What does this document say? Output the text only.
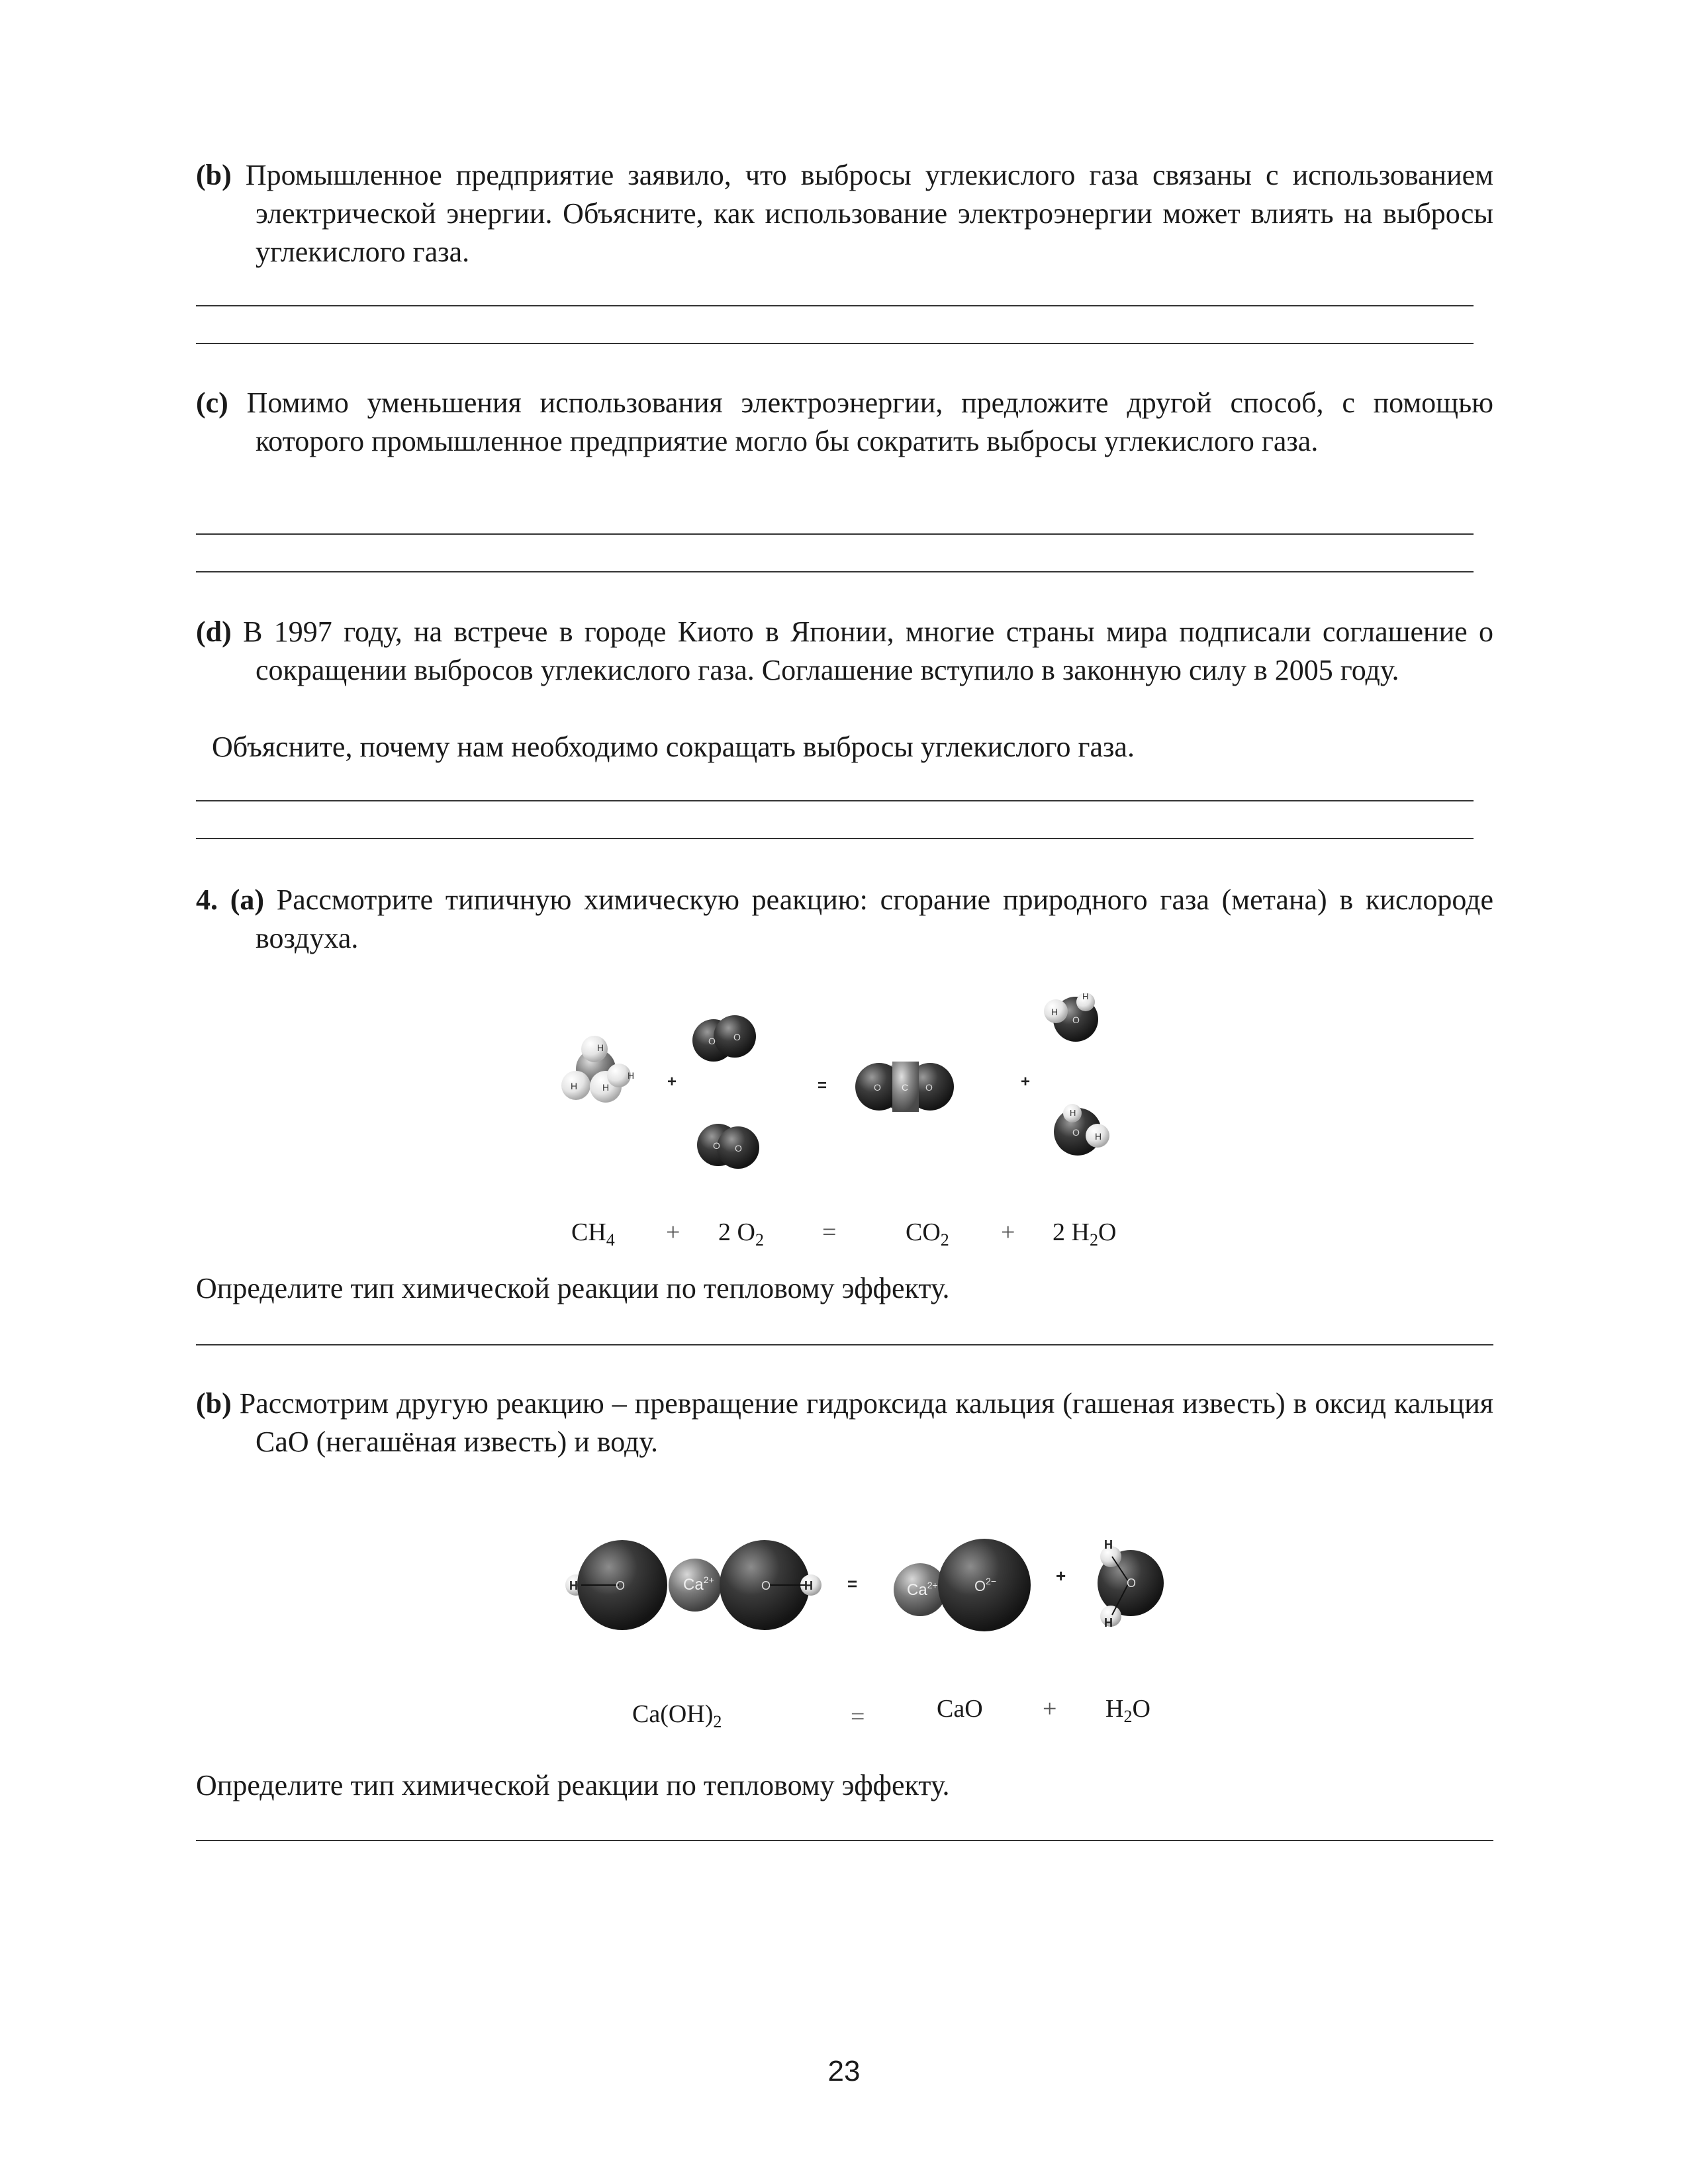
(b) Промышленное предприятие заявило, что выбросы углекислого газа связаны с использованием электрической энергии. Объясните, как использование электроэнергии может влиять на выбросы углекислого газа.

(c) Помимо уменьшения использования электроэнергии, предложите другой способ, с помощью которого промышленное предприятие могло бы сократить выбросы углекислого газа.

(d) В 1997 году, на встрече в городе Киото в Японии, многие страны мира подписали соглашение о сокращении выбросов углекислого газа. Соглашение вступило в законную силу в 2005 году.

Объясните, почему нам необходимо сокращать выбросы углекислого газа.

4. (a) Рассмотрите типичную химическую реакцию: сгорание природного газа (метана) в кислороде воздуха.

H
H
H
H +
O O
O O
=	O C O	+
O
H
H
O H
H
$CH_4 + 2$ $O_2$ =	$CO_2 + 2$ $H_2O$
Определите тип химической реакции по тепловому эффекту.

(b) Рассмотрим другую реакцию – превращение гидроксида кальция (гашеная известь) в оксид кальция CaO (негашёная известь) и воду.

H	O	$Ca^{2+}$	O	H =	$Ca^{2+}$	$O^{2-}$	+	O
H
H
$Ca(OH)_2$	=	CaO + $H_2O$
Определите тип химической реакции по тепловому эффекту.
23
